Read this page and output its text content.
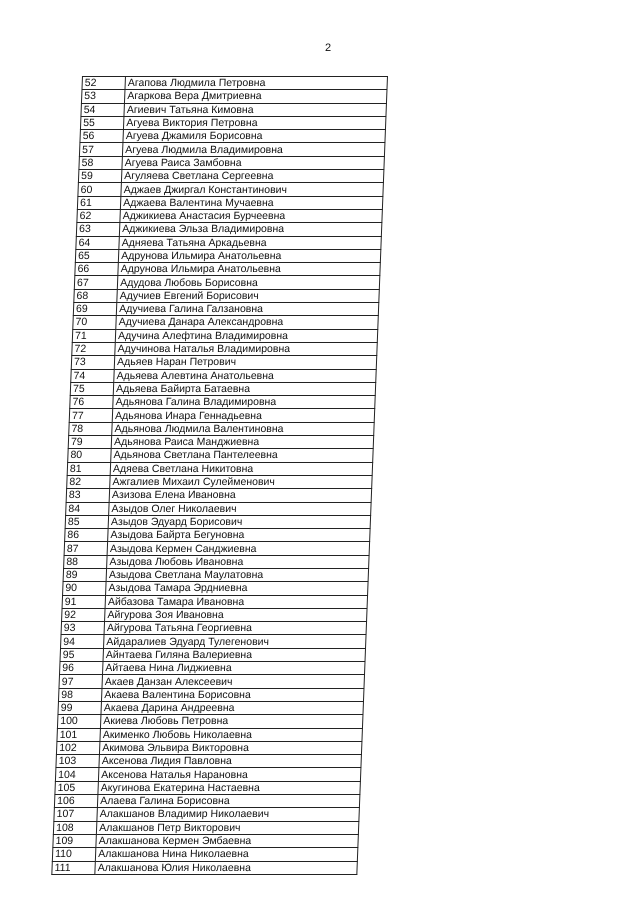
2
52	Агапова Людмила Петровна
53	Агаркова Вера Дмитриевна
54	Агиевич Татьяна Кимовна
55	Агуева Виктория Петровна
56	Агуева Джамиля Борисовна
57	Агуева Людмила Владимировна
58	Агуева Раиса Замбовна
59	Агуляева Светлана Сергеевна
60	Аджаев Джиргал Константинович
61	Аджаева Валентина Мучаевна
62	Аджикиева Анастасия Бурчеевна
63	Аджикиева Эльза Владимировна
64	Адняева Татьяна Аркадьевна
65	Адрунова Ильмира Анатольевна
66	Адрунова Ильмира Анатольевна
67	Адудова Любовь Борисовна
68	Адучиев Евгений Борисович
69	Адучиева Галина Галзановна
70	Адучиева Данара Александровна
71	Адучина Алефтина Владимировна
72	Адучинова Наталья Владимировна
73	Адьяев Наран Петрович
74	Адьяева Алевтина Анатольевна
75	Адьяева Байирта Батаевна
76	Адьянова Галина Владимировна
77	Адьянова Инара Геннадьевна
78	Адьянова Людмила Валентиновна
79	Адьянова Раиса Манджиевна
80	Адьянова Светлана Пантелеевна
81	Адяева Светлана Никитовна
82	Ажгалиев Михаил Сулейменович
83	Азизова Елена Ивановна
84	Азыдов Олег Николаевич
85	Азыдов Эдуард Борисович
86	Азыдова Байрта Бегуновна
87	Азыдова Кермен Санджиевна
88	Азыдова Любовь Ивановна
89	Азыдова Светлана Маулатовна
90	Азыдова Тамара Эрдниевна
91	Айбазова Тамара Ивановна
92	Айгурова Зоя Ивановна
93	Айгурова Татьяна Георгиевна
94	Айдаралиев Эдуард Тулегенович
95	Айнтаева Гиляна Валериевна
96	Айтаева Нина Лиджиевна
97	Акаев Данзан Алексеевич
98	Акаева Валентина Борисовна
99	Акаева Дарина Андреевна
100	Акиева Любовь Петровна
101	Акименко Любовь Николаевна
102	Акимова Эльвира Викторовна
103	Аксенова Лидия Павловна
104	Аксенова Наталья Нарановна
105	Акугинова Екатерина Настаевна
106	Алаева Галина Борисовна
107	Алакшанов Владимир Николаевич
108	Алакшанов Петр Викторович
109	Алакшанова Кермен Эмбаевна
110	Алакшанова Нина Николаевна
111	Алакшанова Юлия Николаевна
